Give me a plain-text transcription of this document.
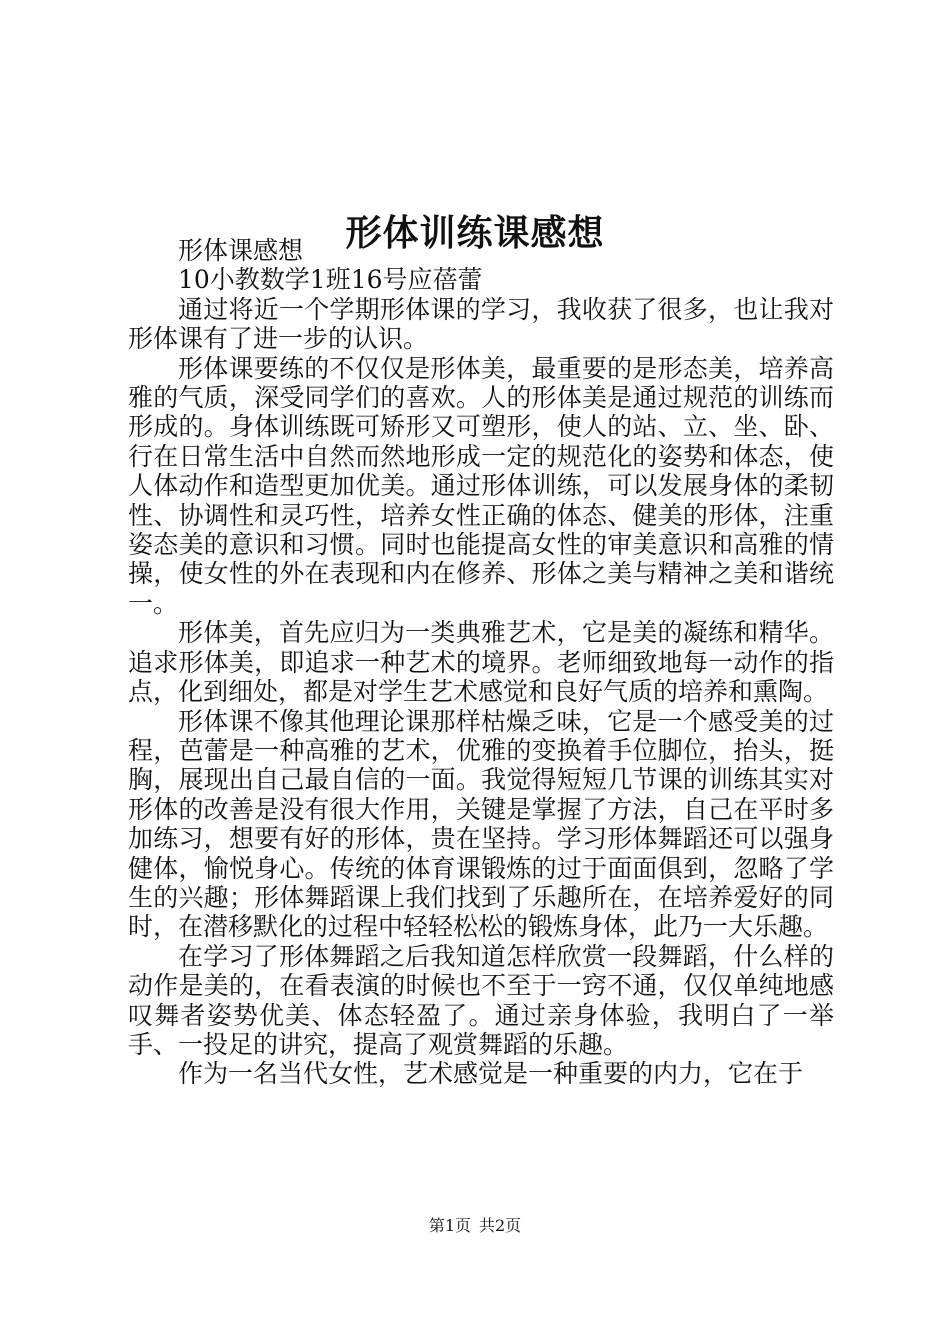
形体训练课感想

形体课感想

10小教数学1班16号应蓓蕾

通过将近一个学期形体课的学习，我收获了很多，也让我对形体课有了进一步的认识。

形体课要练的不仅仅是形体美，最重要的是形态美，培养高雅的气质，深受同学们的喜欢。人的形体美是通过规范的训练而形成的。身体训练既可矫形又可塑形，使人的站、立、坐、卧、行在日常生活中自然而然地形成一定的规范化的姿势和体态，使人体动作和造型更加优美。通过形体训练，可以发展身体的柔韧性、协调性和灵巧性，培养女性正确的体态、健美的形体，注重姿态美的意识和习惯。同时也能提高女性的审美意识和高雅的情操，使女性的外在表现和内在修养、形体之美与精神之美和谐统一。

形体美，首先应归为一类典雅艺术，它是美的凝练和精华。追求形体美，即追求一种艺术的境界。老师细致地每一动作的指点，化到细处，都是对学生艺术感觉和良好气质的培养和熏陶。

形体课不像其他理论课那样枯燥乏味，它是一个感受美的过程，芭蕾是一种高雅的艺术，优雅的变换着手位脚位，抬头，挺胸，展现出自己最自信的一面。我觉得短短几节课的训练其实对形体的改善是没有很大作用，关键是掌握了方法，自己在平时多加练习，想要有好的形体，贵在坚持。学习形体舞蹈还可以强身健体，愉悦身心。传统的体育课锻炼的过于面面俱到，忽略了学生的兴趣；形体舞蹈课上我们找到了乐趣所在，在培养爱好的同时，在潜移默化的过程中轻轻松松的锻炼身体，此乃一大乐趣。

在学习了形体舞蹈之后我知道怎样欣赏一段舞蹈，什么样的动作是美的，在看表演的时候也不至于一窍不通，仅仅单纯地感叹舞者姿势优美、体态轻盈了。通过亲身体验，我明白了一举手、一投足的讲究，提高了观赏舞蹈的乐趣。

作为一名当代女性，艺术感觉是一种重要的内力，它在于

第1页 共2页
